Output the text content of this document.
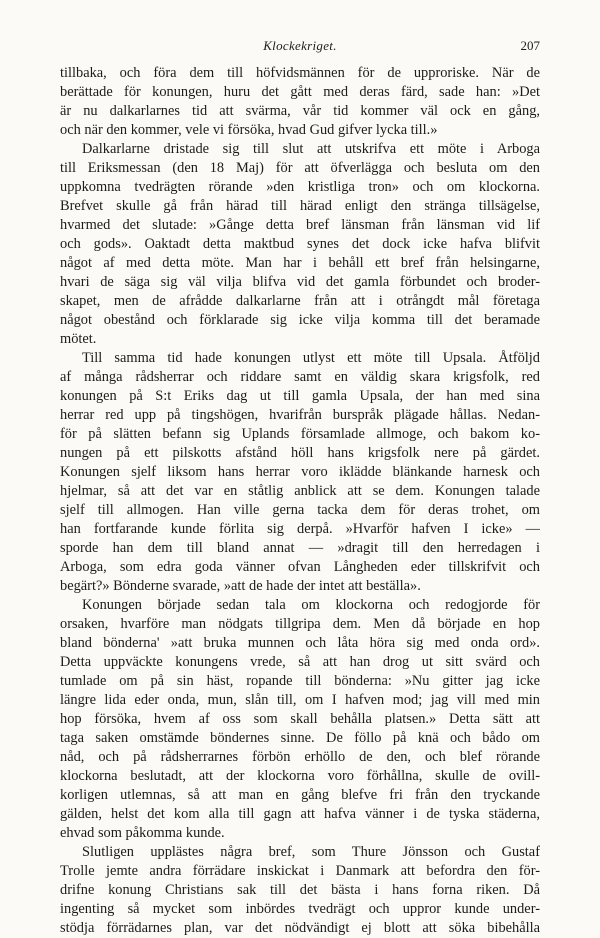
Klockekriget.	207
tillbaka, och föra dem till höfvidsmännen för de upproriske. När de
berättade för konungen, huru det gått med deras färd, sade han: »Det
är nu dalkarlarnes tid att svärma, vår tid kommer väl ock en gång,
och när den kommer, vele vi försöka, hvad Gud gifver lycka till.»
Dalkarlarne dristade sig till slut att utskrifva ett möte i Arboga
till Eriksmessan (den 18 Maj) för att öfverlägga och besluta om den
uppkomna tvedrägten rörande »den kristliga tron» och om klockorna.
Brefvet skulle gå från härad till härad enligt den stränga tillsägelse,
hvarmed det slutade: »Gånge detta bref länsman från länsman vid lif
och gods». Oaktadt detta maktbud synes det dock icke hafva blifvit
något af med detta möte. Man har i behåll ett bref från helsingarne,
hvari de säga sig väl vilja blifva vid det gamla förbundet och broder-
skapet, men de afrådde dalkarlarne från att i otrångdt mål företaga
något obestånd och förklarade sig icke vilja komma till det beramade
mötet.
Till samma tid hade konungen utlyst ett möte till Upsala. Åtföljd
af många rådsherrar och riddare samt en väldig skara krigsfolk, red
konungen på S:t Eriks dag ut till gamla Upsala, der han med sina
herrar red upp på tingshögen, hvarifrån burspråk plägade hållas. Nedan-
för på slätten befann sig Uplands församlade allmoge, och bakom ko-
nungen på ett pilskotts afstånd höll hans krigsfolk nere på gärdet.
Konungen sjelf liksom hans herrar voro iklädde blänkande harnesk och
hjelmar, så att det var en ståtlig anblick att se dem. Konungen talade
sjelf till allmogen. Han ville gerna tacka dem för deras trohet, om
han fortfarande kunde förlita sig derpå. »Hvarför hafven I icke» —
sporde han dem till bland annat — »dragit till den herredagen i
Arboga, som edra goda vänner ofvan Långheden eder tillskrifvit och
begärt?» Bönderne svarade, »att de hade der intet att beställa».
Konungen började sedan tala om klockorna och redogjorde för
orsaken, hvarföre man nödgats tillgripa dem. Men då började en hop
bland bönderna' »att bruka munnen och låta höra sig med onda ord».
Detta uppväckte konungens vrede, så att han drog ut sitt svärd och
tumlade om på sin häst, ropande till bönderna: »Nu gitter jag icke
längre lida eder onda, mun, slån till, om I hafven mod; jag vill med min
hop försöka, hvem af oss som skall behålla platsen.» Detta sätt att
taga saken omstämde böndernes sinne. De föllo på knä och bådo om
nåd, och på rådsherrarnes förbön erhöllo de den, och blef rörande
klockorna beslutadt, att der klockorna voro förhållna, skulle de ovill-
korligen utlemnas, så att man en gång blefve fri från den tryckande
gälden, helst det kom alla till gagn att hafva vänner i de tyska städerna,
ehvad som påkomma kunde.
Slutligen upplästes några bref, som Thure Jönsson och Gustaf
Trolle jemte andra förrädare inskickat i Danmark att befordra den för-
drifne konung Christians sak till det bästa i hans forna riken. Då
ingenting så mycket som inbördes tvedrägt och uppror kunde under-
stödja förrädarnes plan, var det nödvändigt ej blott att söka bibehålla
